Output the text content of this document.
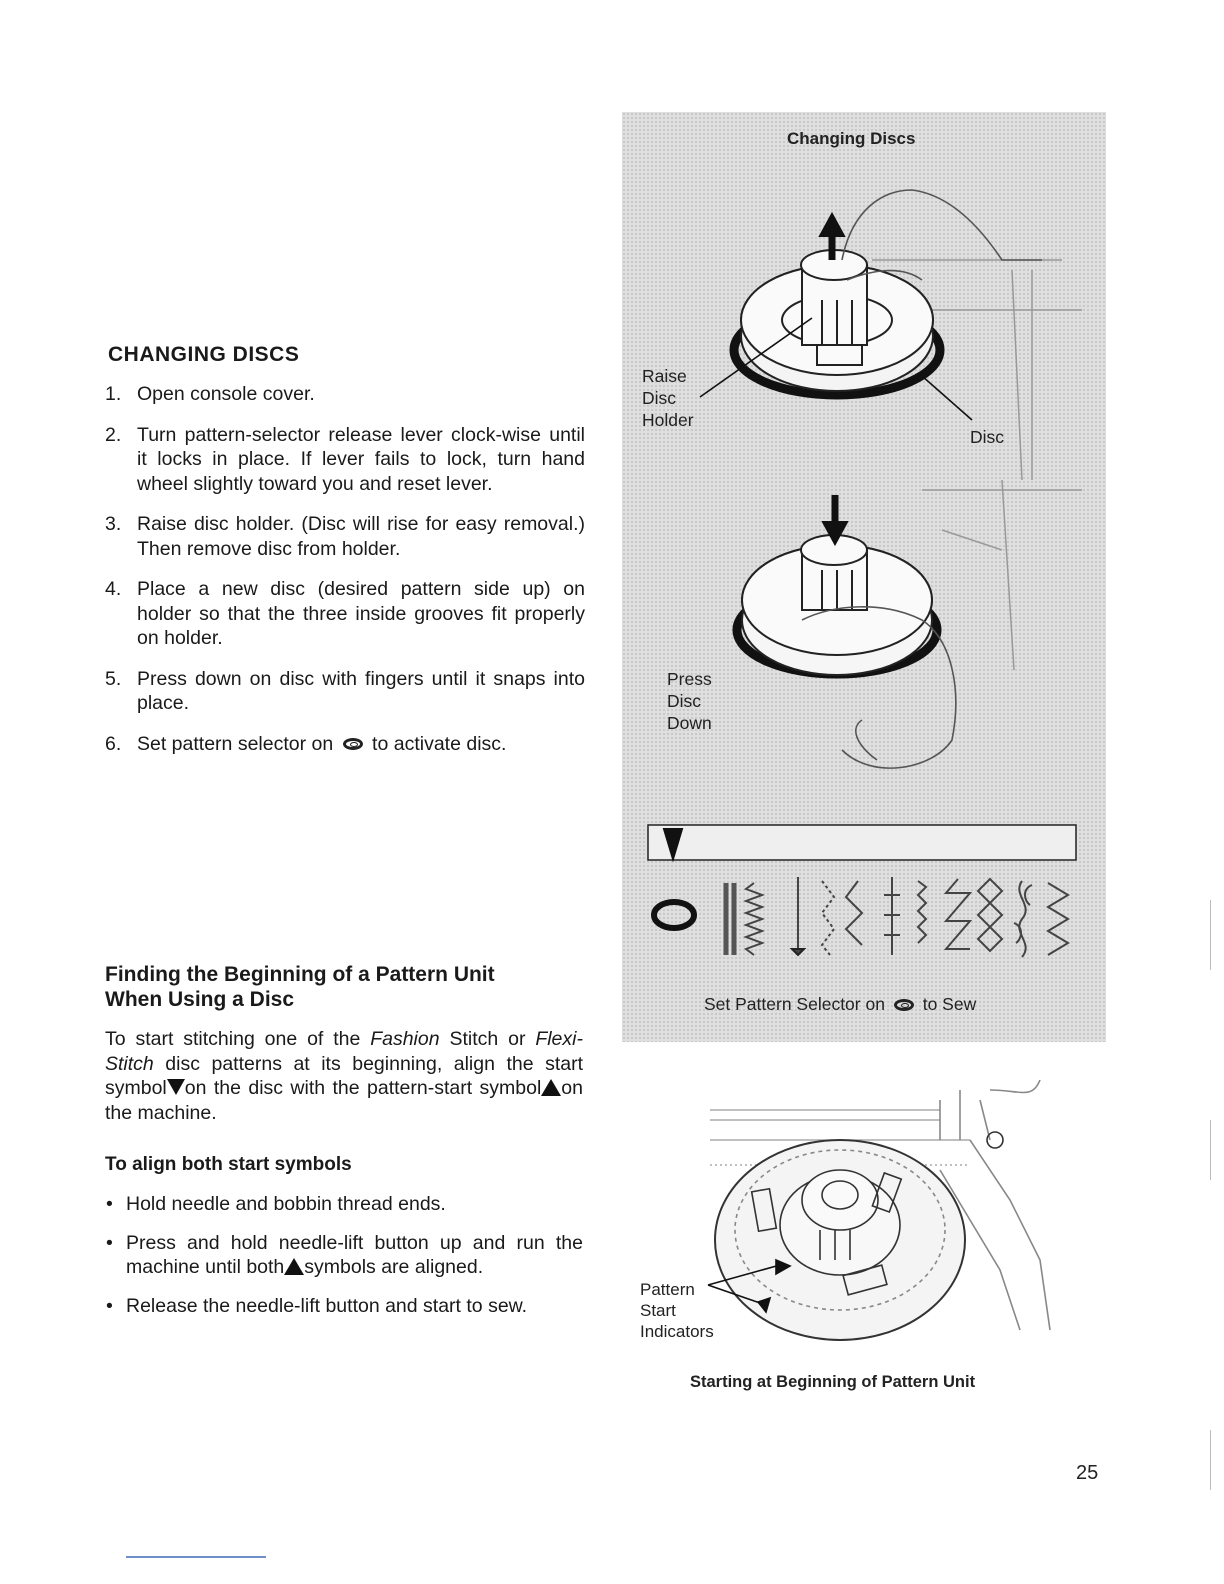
CHANGING DISCS
1. Open console cover.
2. Turn pattern-selector release lever clock-wise until it locks in place. If lever fails to lock, turn hand wheel slightly toward you and reset lever.
3. Raise disc holder. (Disc will rise for easy removal.) Then remove disc from holder.
4. Place a new disc (desired pattern side up) on holder so that the three inside grooves fit properly on holder.
5. Press down on disc with fingers until it snaps into place.
6. Set pattern selector on to activate disc.
Finding the Beginning of a Pattern Unit
When Using a Disc

To start stitching one of the Fashion Stitch or Flexi-Stitch disc patterns at its beginning, align the start symbol on the disc with the pattern-start symbol on the machine.

To align both start symbols
• Hold needle and bobbin thread ends.
• Press and hold needle-lift button up and run the machine until both symbols are aligned.
• Release the needle-lift button and start to sew.
Changing Discs
Raise
Disc
Holder
Disc
Press
Disc
Down
Set Pattern Selector on to Sew
Pattern
Start
Indicators
Starting at Beginning of Pattern Unit
25
